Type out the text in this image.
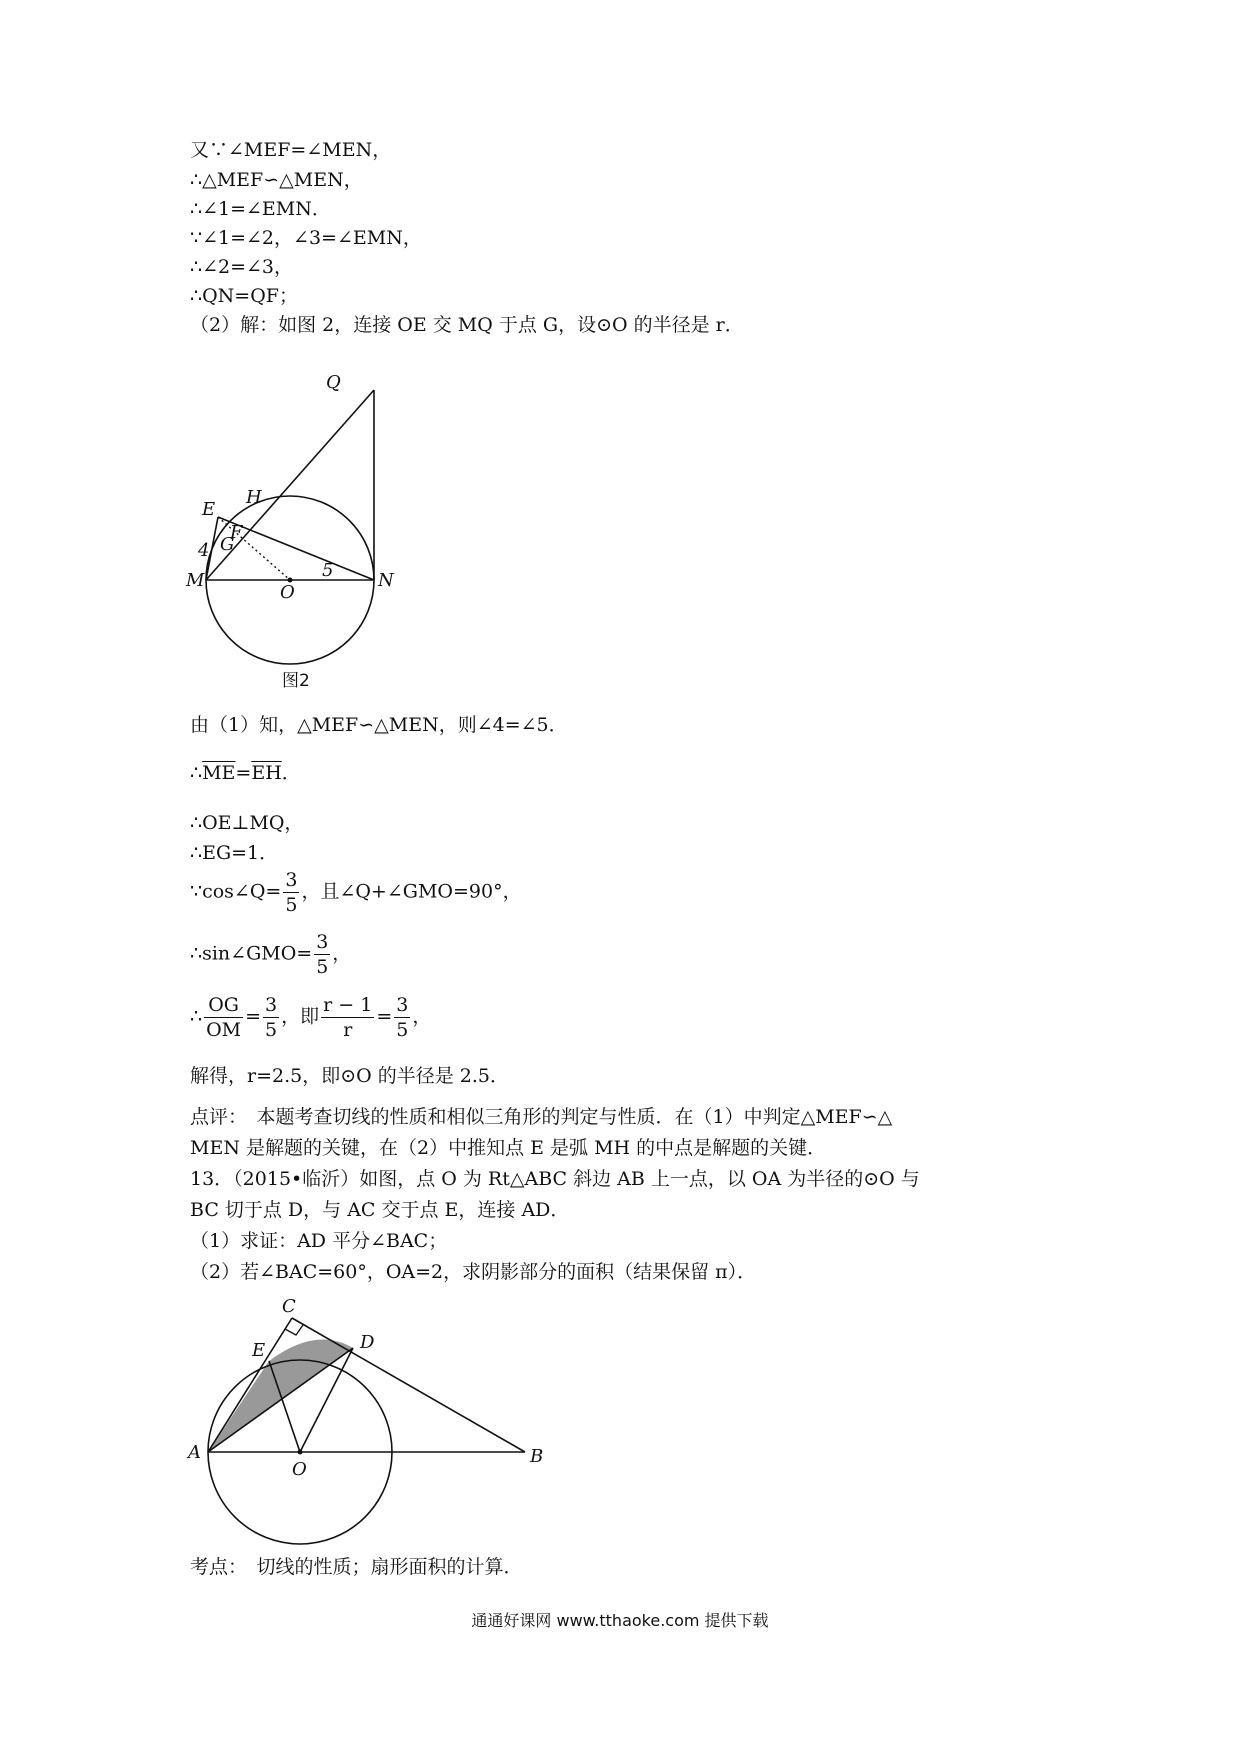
又∵∠MEF=∠MEN，
∴△MEF∽△MEN，
∴∠1=∠EMN．
∵∠1=∠2，∠3=∠EMN，
∴∠2=∠3，
∴QN=QF；
（2）解：如图 2，连接 OE 交 MQ 于点 G，设⊙O 的半径是 r．
Q
H
E
F
G
4
5
M
O
N
图2
由（1）知，△MEF∽△MEN，则∠4=∠5．
$\therefore\overline{ME}=\overline{EH}$．
∴OE⊥MQ，
∴EG=1．
∵cos∠Q= $\frac{3}{5}$ ，且∠Q+∠GMO=90°，
∴sin∠GMO= $\frac{3}{5}$ ，
∴ $\frac{OG}{OM} = \frac{3}{5}$ ，即 $\frac{r - 1}{r} = \frac{3}{5}$ ，
解得，r=2.5，即⊙O 的半径是 2.5．
点评：　本题考查切线的性质和相似三角形的判定与性质．在（1）中判定△MEF∽△
MEN 是解题的关键，在（2）中推知点 E 是弧 MH 的中点是解题的关键．
13．（2015•临沂）如图，点 O 为 Rt△ABC 斜边 AB 上一点，以 OA 为半径的⊙O 与
BC 切于点 D，与 AC 交于点 E，连接 AD．
（1）求证：AD 平分∠BAC；
（2）若∠BAC=60°，OA=2，求阴影部分的面积（结果保留 π）．
C
E	D
A
O
B
考点：　切线的性质；扇形面积的计算．
通通好课网 www.tthaoke.com 提供下载
